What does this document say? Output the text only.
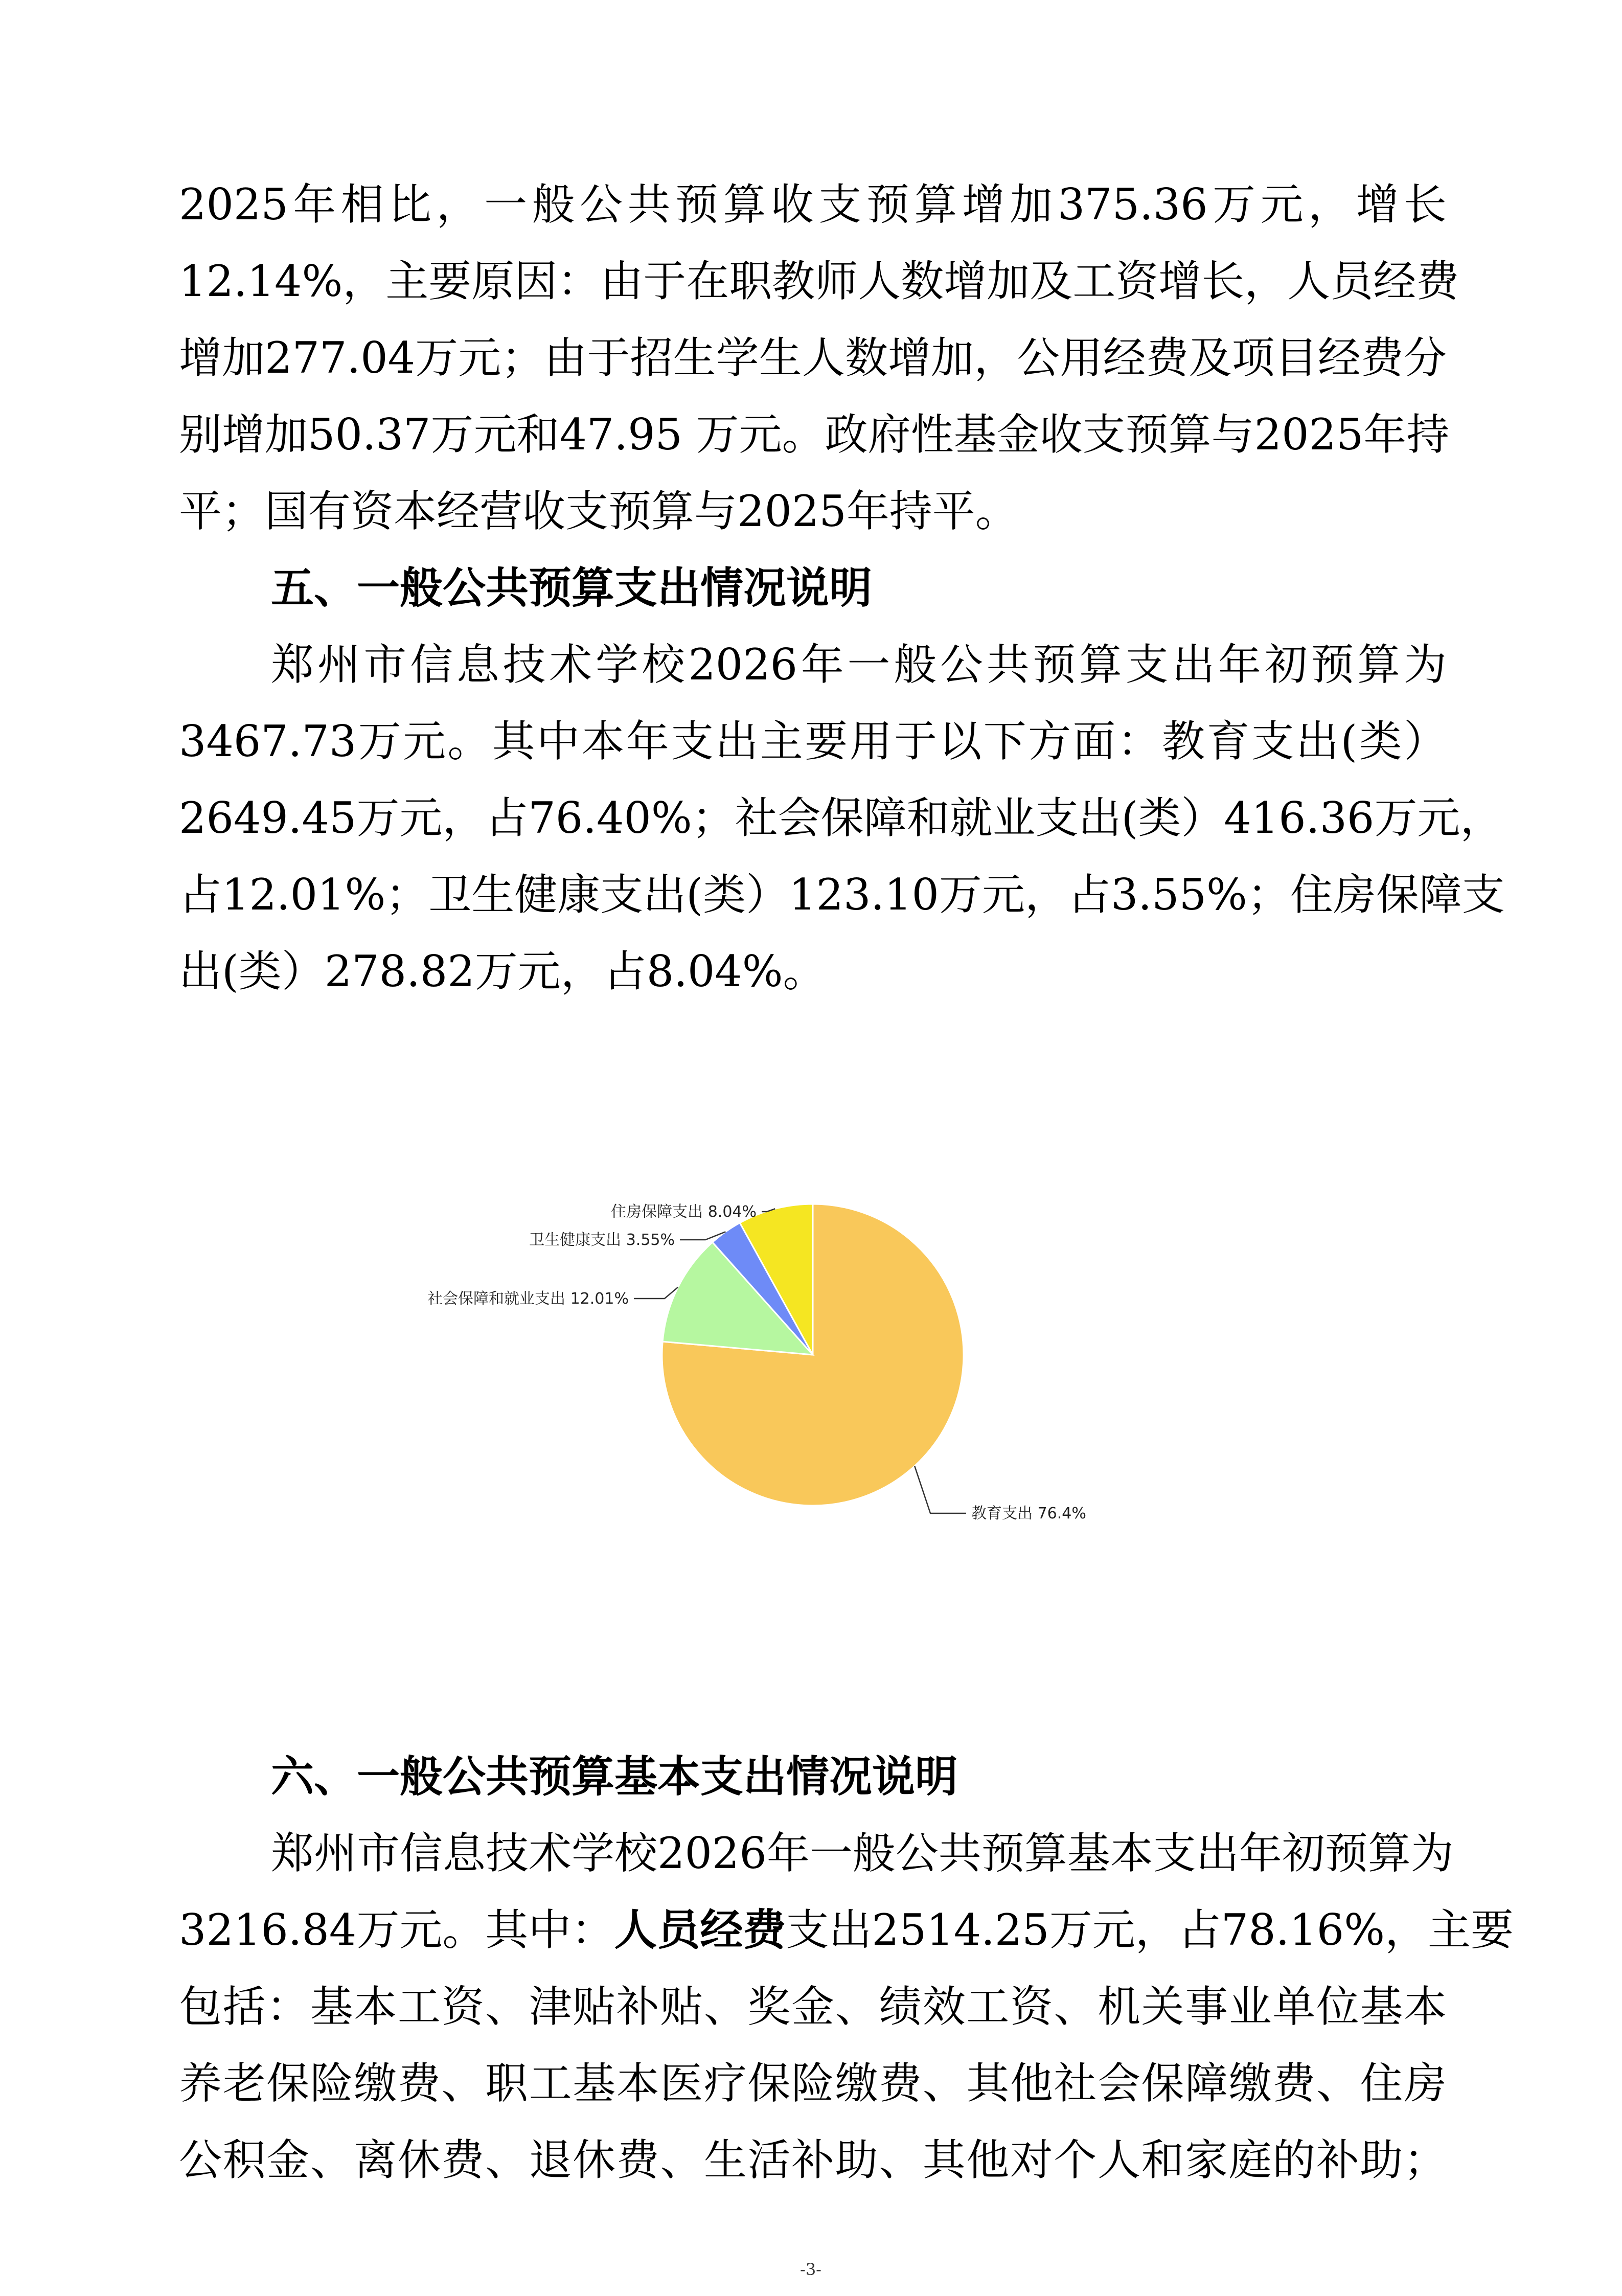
2025年相比，一般公共预算收支预算增加375.36万元，增长
12.14%，主要原因：由于在职教师人数增加及工资增长，人员经费
增加277.04万元；由于招生学生人数增加，公用经费及项目经费分
别增加50.37万元和47.95 万元。政府性基金收支预算与2025年持
平；国有资本经营收支预算与2025年持平。
五、一般公共预算支出情况说明
郑州市信息技术学校2026年一般公共预算支出年初预算为
3467.73万元。其中本年支出主要用于以下方面：教育支出(类）
2649.45万元，占76.40%；社会保障和就业支出(类）416.36万元，
占12.01%；卫生健康支出(类）123.10万元，占3.55%；住房保障支
出(类）278.82万元，占8.04%。
教育支出 76.4%
社会保障和就业支出 12.01%
卫生健康支出 3.55%
住房保障支出 8.04%
六、一般公共预算基本支出情况说明
郑州市信息技术学校2026年一般公共预算基本支出年初预算为
3216.84万元。其中：人员经费支出2514.25万元，占78.16%，主要
包括：基本工资、津贴补贴、奖金、绩效工资、机关事业单位基本
养老保险缴费、职工基本医疗保险缴费、其他社会保障缴费、住房
公积金、离休费、退休费、生活补助、其他对个人和家庭的补助；
-3-
